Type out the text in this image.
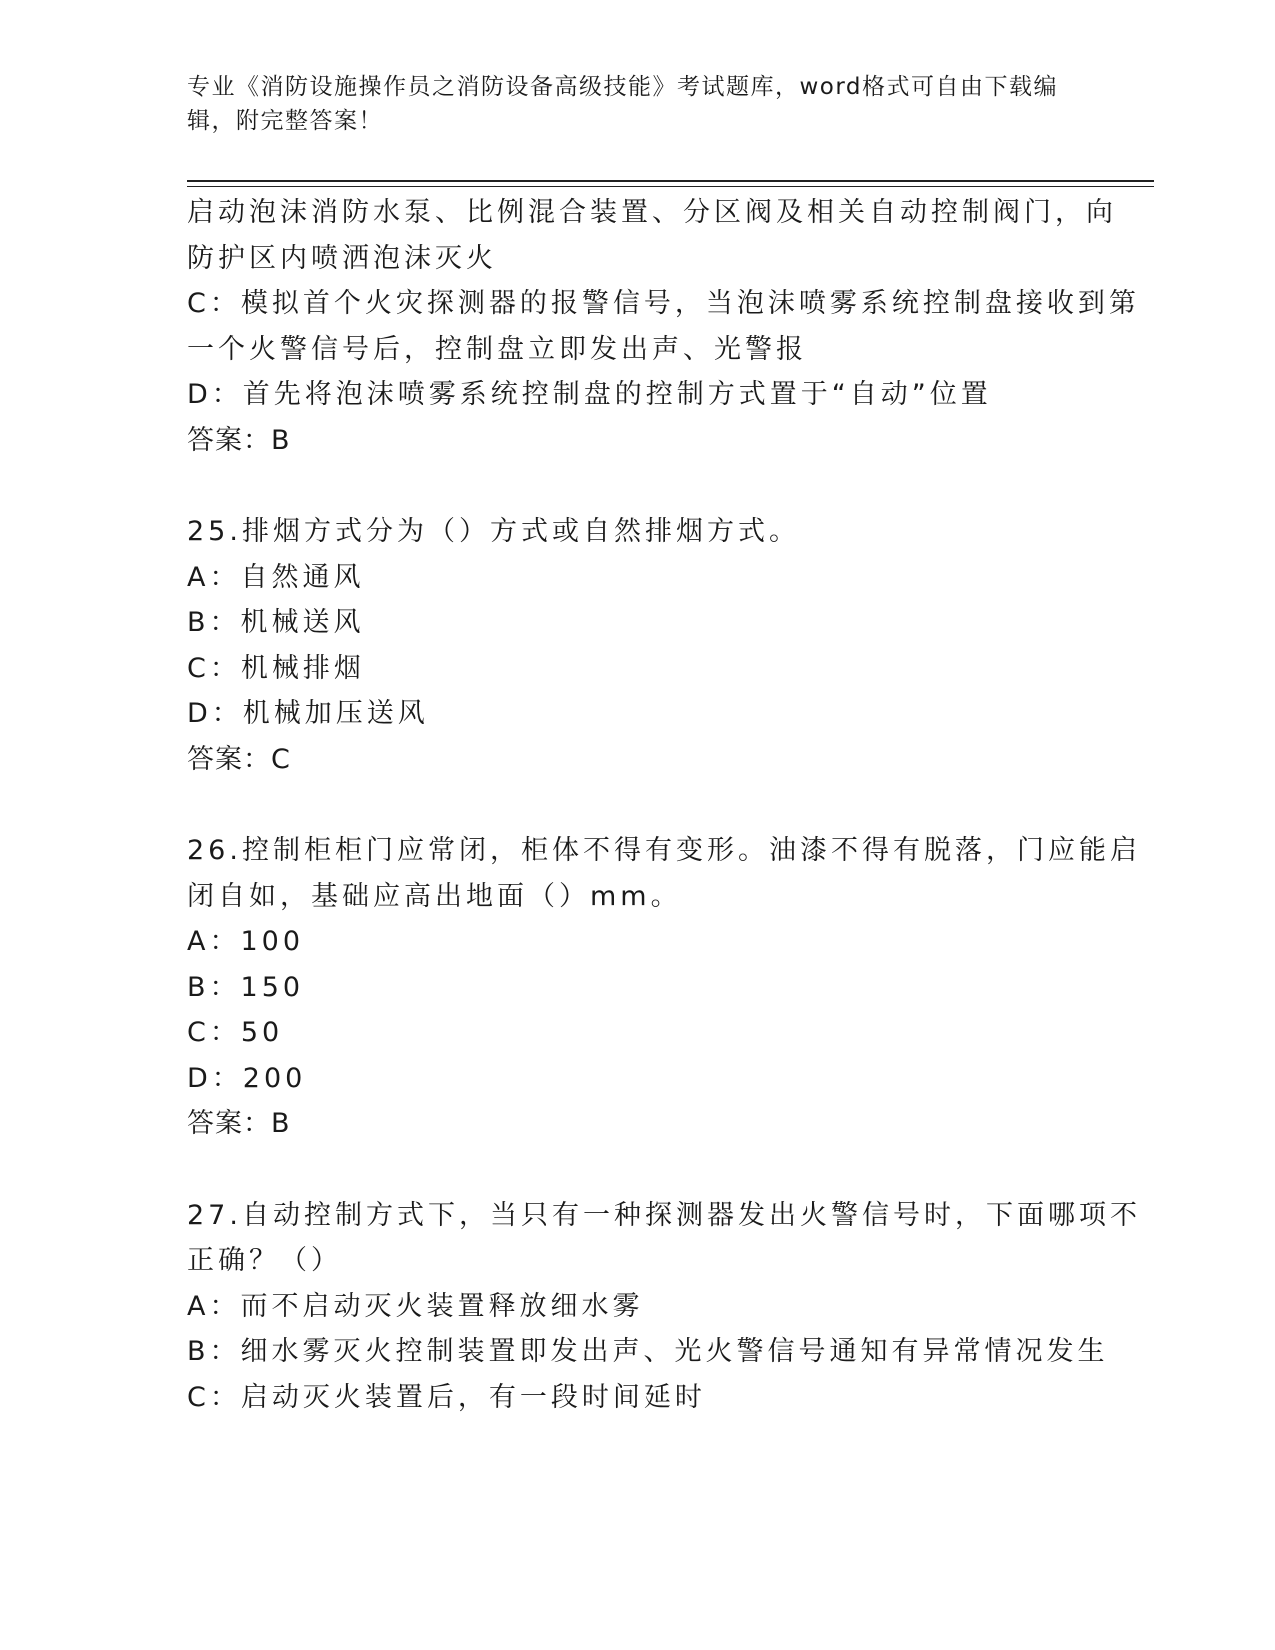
专业《消防设施操作员之消防设备高级技能》考试题库，word格式可自由下载编
辑，附完整答案！
启动泡沫消防水泵、比例混合装置、分区阀及相关自动控制阀门，向
防护区内喷洒泡沫灭火
C：模拟首个火灾探测器的报警信号，当泡沫喷雾系统控制盘接收到第
一个火警信号后，控制盘立即发出声、光警报
D：首先将泡沫喷雾系统控制盘的控制方式置于“自动”位置
答案：B
25.排烟方式分为（）方式或自然排烟方式。
A：自然通风
B：机械送风
C：机械排烟
D：机械加压送风
答案：C
26.控制柜柜门应常闭，柜体不得有变形。油漆不得有脱落，门应能启
闭自如，基础应高出地面（）mm。
A：100
B：150
C：50
D：200
答案：B
27.自动控制方式下，当只有一种探测器发出火警信号时，下面哪项不
正确？（）
A：而不启动灭火装置释放细水雾
B：细水雾灭火控制装置即发出声、光火警信号通知有异常情况发生
C：启动灭火装置后，有一段时间延时
